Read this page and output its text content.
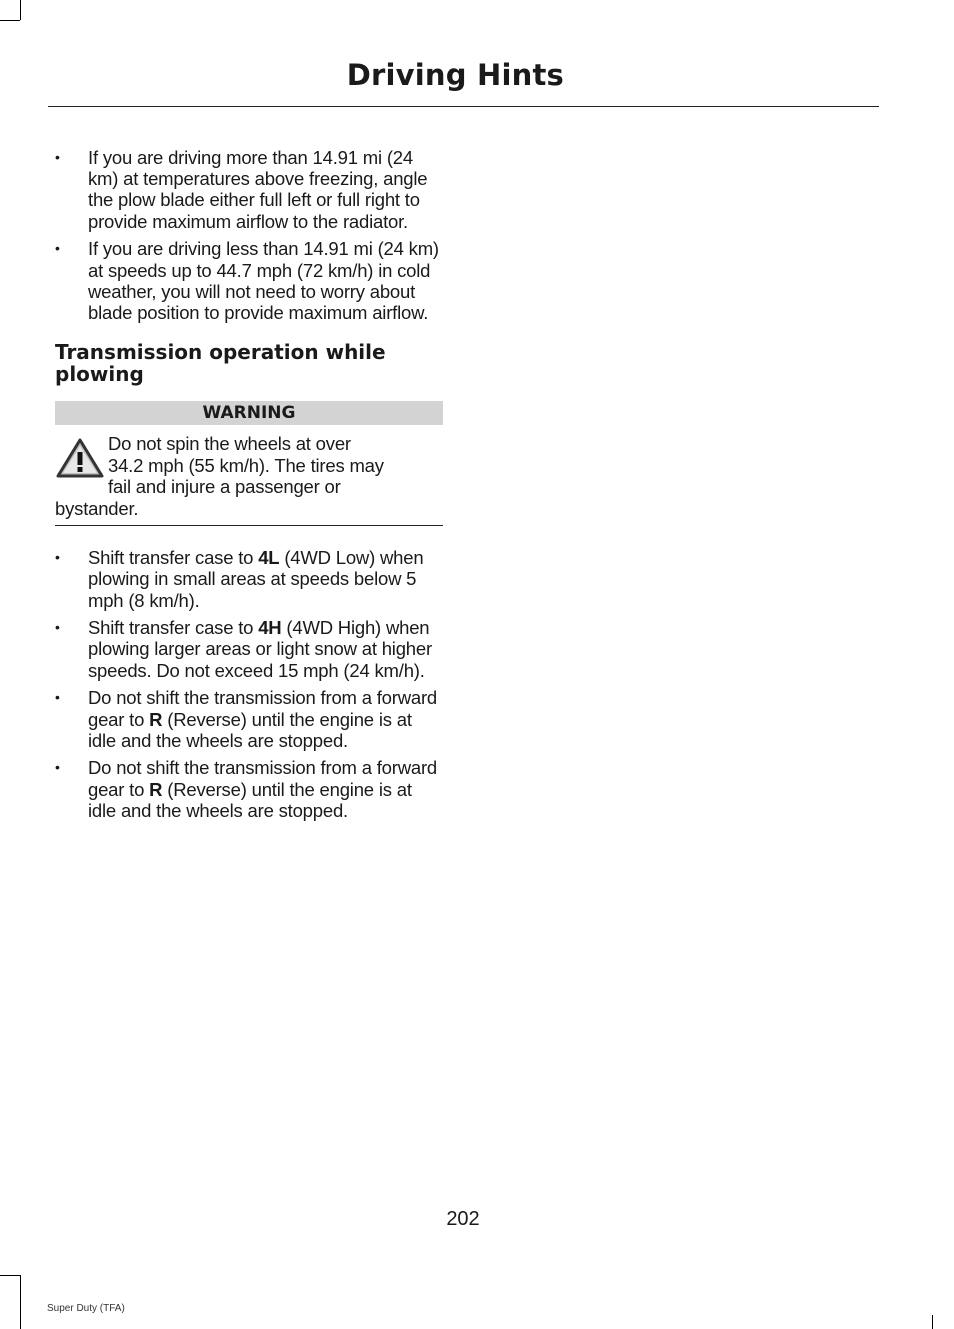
Driving Hints
• If you are driving more than 14.91 mi (24 km) at temperatures above freezing, angle the plow blade either full left or full right to provide maximum airflow to the radiator.
• If you are driving less than 14.91 mi (24 km) at speeds up to 44.7 mph (72 km/h) in cold weather, you will not need to worry about blade position to provide maximum airflow.
Transmission operation while plowing
WARNING
Do not spin the wheels at over
34.2 mph (55 km/h). The tires may
fail and injure a passenger or
bystander.
• Shift transfer case to 4L (4WD Low) when plowing in small areas at speeds below 5 mph (8 km/h).
• Shift transfer case to 4H (4WD High) when plowing larger areas or light snow at higher speeds. Do not exceed 15 mph (24 km/h).
• Do not shift the transmission from a forward gear to R (Reverse) until the engine is at idle and the wheels are stopped.
• Do not shift the transmission from a forward gear to R (Reverse) until the engine is at idle and the wheels are stopped.
202
Super Duty (TFA)
